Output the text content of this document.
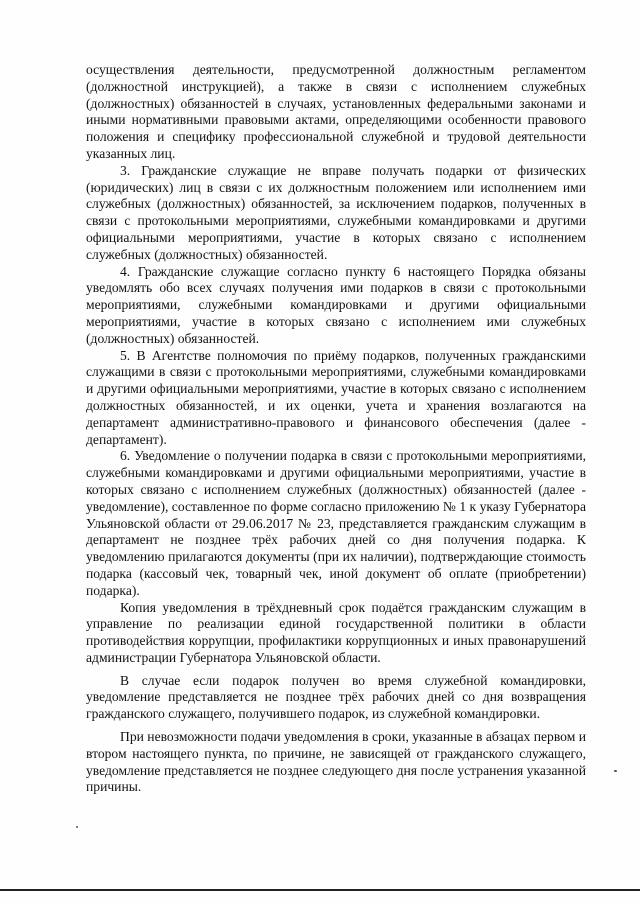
осуществления деятельности, предусмотренной должностным регламентом (должностной инструкцией), а также в связи с исполнением служебных (должностных) обязанностей в случаях, установленных федеральными законами и иными нормативными правовыми актами, определяющими особенности правового положения и специфику профессиональной служебной и трудовой деятельности указанных лиц.

3. Гражданские служащие не вправе получать подарки от физических (юридических) лиц в связи с их должностным положением или исполнением ими служебных (должностных) обязанностей, за исключением подарков, полученных в связи с протокольными мероприятиями, служебными командировками и другими официальными мероприятиями, участие в которых связано с исполнением служебных (должностных) обязанностей.

4. Гражданские служащие согласно пункту 6 настоящего Порядка обязаны уведомлять обо всех случаях получения ими подарков в связи с протокольными мероприятиями, служебными командировками и другими официальными мероприятиями, участие в которых связано с исполнением ими служебных (должностных) обязанностей.

5. В Агентстве полномочия по приёму подарков, полученных гражданскими служащими в связи с протокольными мероприятиями, служебными командировками и другими официальными мероприятиями, участие в которых связано с исполнением должностных обязанностей, и их оценки, учета и хранения возлагаются на департамент административно-правового и финансового обеспечения (далее - департамент).

6. Уведомление о получении подарка в связи с протокольными мероприятиями, служебными командировками и другими официальными мероприятиями, участие в которых связано с исполнением служебных (должностных) обязанностей (далее - уведомление), составленное по форме согласно приложению № 1 к указу Губернатора Ульяновской области от 29.06.2017 № 23, представляется гражданским служащим в департамент не позднее трёх рабочих дней со дня получения подарка. К уведомлению прилагаются документы (при их наличии), подтверждающие стоимость подарка (кассовый чек, товарный чек, иной документ об оплате (приобретении) подарка).

Копия уведомления в трёхдневный срок подаётся гражданским служащим в управление по реализации единой государственной политики в области противодействия коррупции, профилактики коррупционных и иных правонарушений администрации Губернатора Ульяновской области.

В случае если подарок получен во время служебной командировки, уведомление представляется не позднее трёх рабочих дней со дня возвращения гражданского служащего, получившего подарок, из служебной командировки.

При невозможности подачи уведомления в сроки, указанные в абзацах первом и втором настоящего пункта, по причине, не зависящей от гражданского служащего, уведомление представляется не позднее следующего дня после устранения указанной причины.
